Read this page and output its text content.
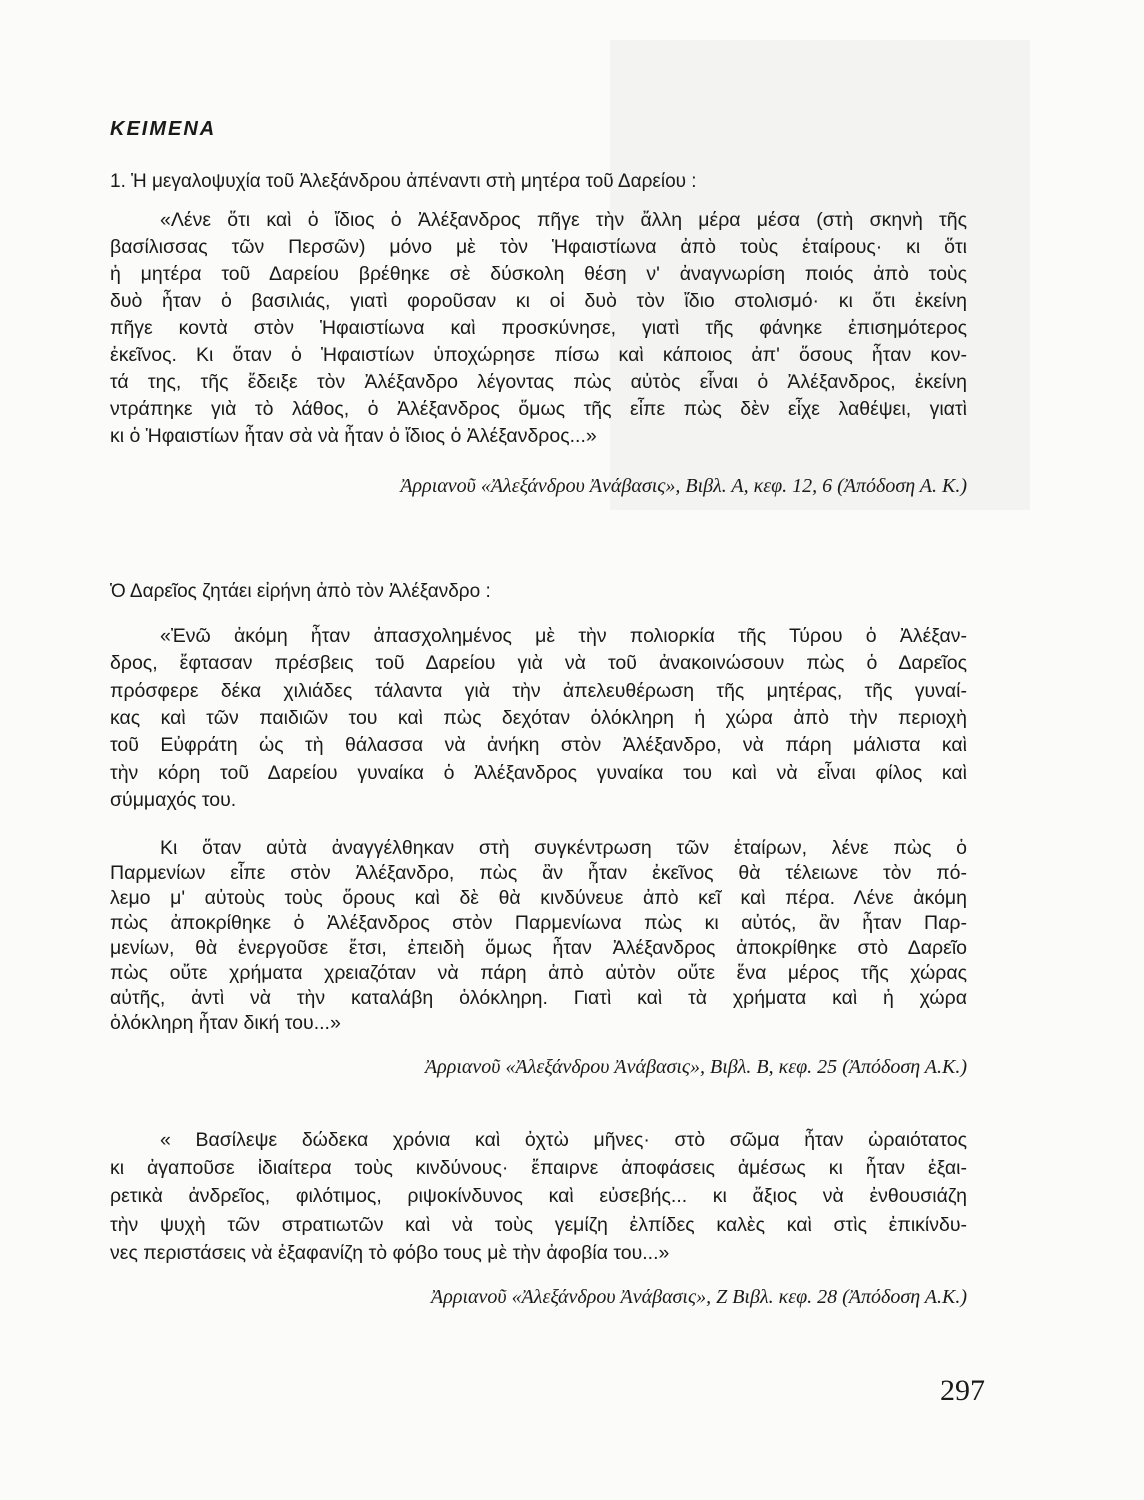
ΚΕΙΜΕΝΑ
1. Ἡ μεγαλοψυχία τοῦ Ἀλεξάνδρου ἀπέναντι στὴ μητέρα τοῦ Δαρείου :
«Λένε ὅτι καὶ ὁ ἴδιος ὁ Ἀλέξανδρος πῆγε τὴν ἄλλη μέρα μέσα (στὴ σκηνὴ τῆς
βασίλισσας τῶν Περσῶν) μόνο μὲ τὸν Ἡφαιστίωνα ἀπὸ τοὺς ἑταίρους· κι ὅτι
ἡ μητέρα τοῦ Δαρείου βρέθηκε σὲ δύσκολη θέση ν' ἀναγνωρίση ποιός ἀπὸ τοὺς
δυὸ ἦταν ὁ βασιλιάς, γιατὶ φοροῦσαν κι οἱ δυὸ τὸν ἴδιο στολισμό· κι ὅτι ἐκείνη
πῆγε κοντὰ στὸν Ἡφαιστίωνα καὶ προσκύνησε, γιατὶ τῆς φάνηκε ἐπισημότερος
ἐκεῖνος. Κι ὅταν ὁ Ἡφαιστίων ὑποχώρησε πίσω καὶ κάποιος ἀπ' ὅσους ἦταν κον-
τά της, τῆς ἔδειξε τὸν Ἀλέξανδρο λέγοντας πὼς αὐτὸς εἶναι ὁ Ἀλέξανδρος, ἐκείνη
ντράπηκε γιὰ τὸ λάθος, ὁ Ἀλέξανδρος ὅμως τῆς εἶπε πὼς δὲν εἶχε λαθέψει, γιατὶ
κι ὁ Ἡφαιστίων ἦταν σὰ νὰ ἦταν ὁ ἴδιος ὁ Ἀλέξανδρος...»
Ἀρριανοῦ «Ἀλεξάνδρου Ἀνάβασις», Βιβλ. Α, κεφ. 12, 6 (Ἀπόδοση Α. Κ.)
Ὁ Δαρεῖος ζητάει εἰρήνη ἀπὸ τὸν Ἀλέξανδρο :
«Ἐνῶ ἀκόμη ἦταν ἀπασχολημένος μὲ τὴν πολιορκία τῆς Τύρου ὁ Ἀλέξαν-
δρος, ἔφτασαν πρέσβεις τοῦ Δαρείου γιὰ νὰ τοῦ ἀνακοινώσουν πὼς ὁ Δαρεῖος
πρόσφερε δέκα χιλιάδες τάλαντα γιὰ τὴν ἀπελευθέρωση τῆς μητέρας, τῆς γυναί-
κας καὶ τῶν παιδιῶν του καὶ πὼς δεχόταν ὁλόκληρη ἡ χώρα ἀπὸ τὴν περιοχὴ
τοῦ Εὐφράτη ὡς τὴ θάλασσα νὰ ἀνήκη στὸν Ἀλέξανδρο, νὰ πάρη μάλιστα καὶ
τὴν κόρη τοῦ Δαρείου γυναίκα ὁ Ἀλέξανδρος γυναίκα του καὶ νὰ εἶναι φίλος καὶ
σύμμαχός του.
Κι ὅταν αὐτὰ ἀναγγέλθηκαν στὴ συγκέντρωση τῶν ἑταίρων, λένε πὼς ὁ
Παρμενίων εἶπε στὸν Ἀλέξανδρο, πὼς ἂν ἦταν ἐκεῖνος θὰ τέλειωνε τὸν πό-
λεμο μ' αὐτοὺς τοὺς ὅρους καὶ δὲ θὰ κινδύνευε ἀπὸ κεῖ καὶ πέρα. Λένε ἀκόμη
πὼς ἀποκρίθηκε ὁ Ἀλέξανδρος στὸν Παρμενίωνα πὼς κι αὐτός, ἂν ἦταν Παρ-
μενίων, θὰ ἐνεργοῦσε ἔτσι, ἐπειδὴ ὅμως ἦταν Ἀλέξανδρος ἀποκρίθηκε στὸ Δαρεῖο
πὼς οὔτε χρήματα χρειαζόταν νὰ πάρη ἀπὸ αὐτὸν οὔτε ἕνα μέρος τῆς χώρας
αὐτῆς, ἀντὶ νὰ τὴν καταλάβη ὁλόκληρη. Γιατὶ καὶ τὰ χρήματα καὶ ἡ χώρα
ὁλόκληρη ἦταν δική του...»
Ἀρριανοῦ «Ἀλεξάνδρου Ἀνάβασις», Βιβλ. Β, κεφ. 25 (Ἀπόδοση Α.Κ.)
« Βασίλεψε δώδεκα χρόνια καὶ ὀχτὼ μῆνες· στὸ σῶμα ἦταν ὡραιότατος
κι ἀγαποῦσε ἰδιαίτερα τοὺς κινδύνους· ἔπαιρνε ἀποφάσεις ἀμέσως κι ἦταν ἐξαι-
ρετικὰ ἀνδρεῖος, φιλότιμος, ριψοκίνδυνος καὶ εὐσεβής... κι ἄξιος νὰ ἐνθουσιάζη
τὴν ψυχὴ τῶν στρατιωτῶν καὶ νὰ τοὺς γεμίζη ἐλπίδες καλὲς καὶ στὶς ἐπικίνδυ-
νες περιστάσεις νὰ ἐξαφανίζη τὸ φόβο τους μὲ τὴν ἀφοβία του...»
Ἀρριανοῦ «Ἀλεξάνδρου Ἀνάβασις», Ζ Βιβλ. κεφ. 28 (Ἀπόδοση Α.Κ.)
297
